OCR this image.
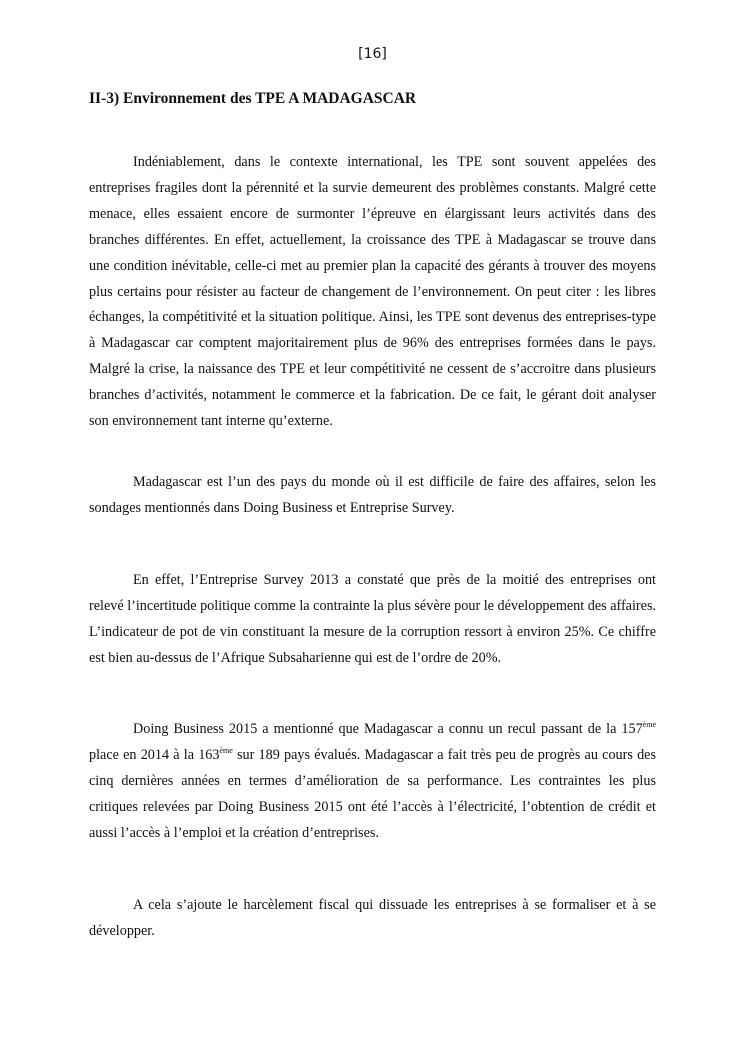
[16]
II-3) Environnement des TPE A MADAGASCAR

Indéniablement, dans le contexte international, les TPE sont souvent appelées des entreprises fragiles dont la pérennité et la survie demeurent des problèmes constants. Malgré cette menace, elles essaient encore de surmonter l’épreuve en élargissant leurs activités dans des branches différentes. En effet, actuellement, la croissance des TPE à Madagascar se trouve dans une condition inévitable, celle-ci met au premier plan la capacité des gérants à trouver des moyens plus certains pour résister au facteur de changement de l’environnement. On peut citer : les libres échanges, la compétitivité et la situation politique. Ainsi, les TPE sont devenus des entreprises-type à Madagascar car comptent majoritairement plus de 96% des entreprises formées dans le pays. Malgré la crise, la naissance des TPE et leur compétitivité ne cessent de s’accroitre dans plusieurs branches d’activités, notamment le commerce et la fabrication. De ce fait, le gérant doit analyser son environnement tant interne qu’externe.

Madagascar est l’un des pays du monde où il est difficile de faire des affaires, selon les sondages mentionnés dans Doing Business et Entreprise Survey.

En effet, l’Entreprise Survey 2013 a constaté que près de la moitié des entreprises ont relevé l’incertitude politique comme la contrainte la plus sévère pour le développement des affaires. L’indicateur de pot de vin constituant la mesure de la corruption ressort à environ 25%. Ce chiffre est bien au-dessus de l’Afrique Subsaharienne qui est de l’ordre de 20%.

Doing Business 2015 a mentionné que Madagascar a connu un recul passant de la 157ème place en 2014 à la 163ème sur 189 pays évalués. Madagascar a fait très peu de progrès au cours des cinq dernières années en termes d’amélioration de sa performance. Les contraintes les plus critiques relevées par Doing Business 2015 ont été l’accès à l’électricité, l’obtention de crédit et aussi l’accès à l’emploi et la création d’entreprises.

A cela s’ajoute le harcèlement fiscal qui dissuade les entreprises à se formaliser et à se développer.
